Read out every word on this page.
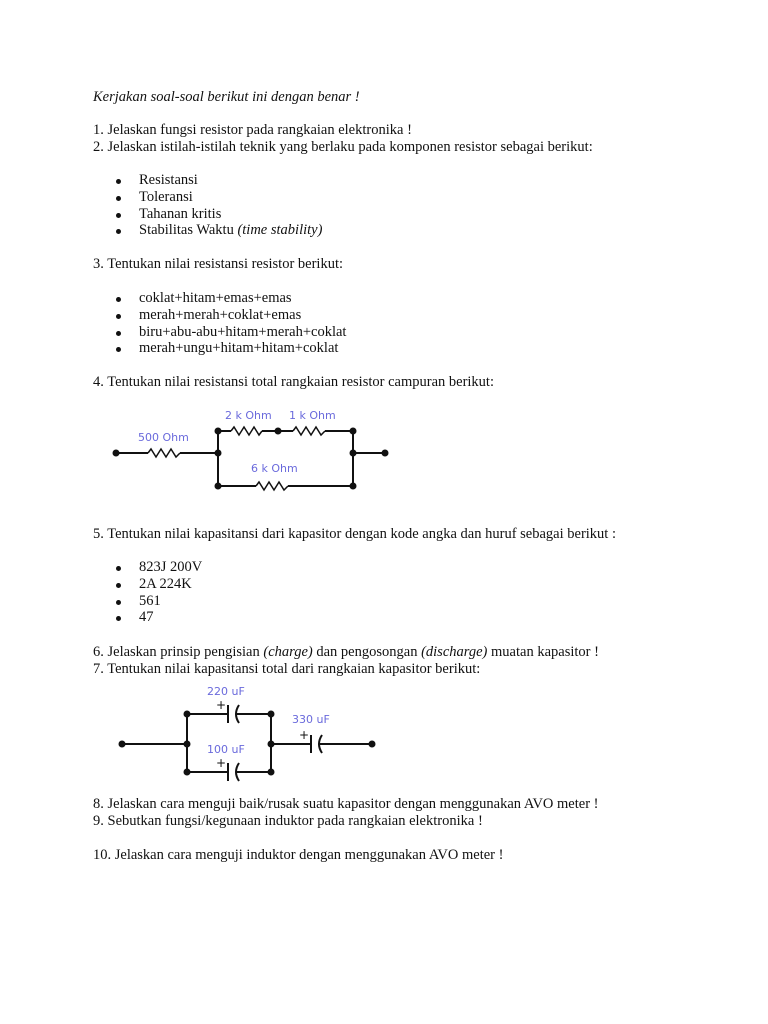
Kerjakan soal-soal berikut ini dengan benar !

1. Jelaskan fungsi resistor pada rangkaian elektronika !

2. Jelaskan istilah-istilah teknik yang berlaku pada komponen resistor sebagai berikut:

Resistansi
Toleransi
Tahanan kritis
Stabilitas Waktu (time stability)

3. Tentukan nilai resistansi resistor berikut:

coklat+hitam+emas+emas
merah+merah+coklat+emas
biru+abu-abu+hitam+merah+coklat
merah+ungu+hitam+hitam+coklat

4. Tentukan nilai resistansi total rangkaian resistor campuran berikut:

500 Ohm
2 k Ohm 1 k Ohm
6 k Ohm

5. Tentukan nilai kapasitansi dari kapasitor dengan kode angka dan huruf sebagai berikut :

823J 200V
2A 224K
561
47

6. Jelaskan prinsip pengisian (charge) dan pengosongan (discharge) muatan kapasitor !

7. Tentukan nilai kapasitansi total dari rangkaian kapasitor berikut:

220 uF
100 uF
330 uF
+
+
+

8. Jelaskan cara menguji baik/rusak suatu kapasitor dengan menggunakan AVO meter !

9. Sebutkan fungsi/kegunaan induktor pada rangkaian elektronika !

10. Jelaskan cara menguji induktor dengan menggunakan AVO meter !
